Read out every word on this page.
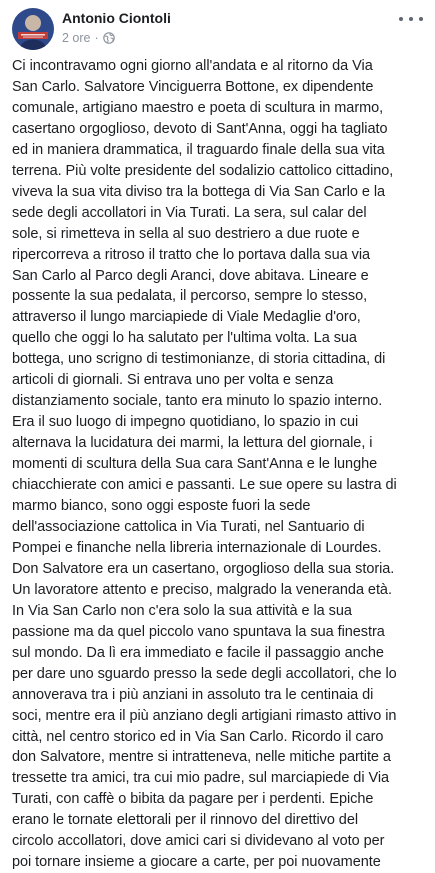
Antonio Ciontoli
2 ore ·
Ci incontravamo ogni giorno all'andata e al ritorno da Via
San Carlo. Salvatore Vinciguerra Bottone, ex dipendente
comunale, artigiano maestro e poeta di scultura in marmo,
casertano orgoglioso, devoto di Sant'Anna, oggi ha tagliato
ed in maniera drammatica, il traguardo finale della sua vita
terrena. Più volte presidente del sodalizio cattolico cittadino,
viveva la sua vita diviso tra la bottega di Via San Carlo e la
sede degli accollatori in Via Turati. La sera, sul calar del
sole, si rimetteva in sella al suo destriero a due ruote e
ripercorreva a ritroso il tratto che lo portava dalla sua via
San Carlo al Parco degli Aranci, dove abitava. Lineare e
possente la sua pedalata, il percorso, sempre lo stesso,
attraverso il lungo marciapiede di Viale Medaglie d'oro,
quello che oggi lo ha salutato per l'ultima volta. La sua
bottega, uno scrigno di testimonianze, di storia cittadina, di
articoli di giornali. Si entrava uno per volta e senza
distanziamento sociale, tanto era minuto lo spazio interno.
Era il suo luogo di impegno quotidiano, lo spazio in cui
alternava la lucidatura dei marmi, la lettura del giornale, i
momenti di scultura della Sua cara Sant'Anna e le lunghe
chiacchierate con amici e passanti. Le sue opere su lastra di
marmo bianco, sono oggi esposte fuori la sede
dell'associazione cattolica in Via Turati, nel Santuario di
Pompei e finanche nella libreria internazionale di Lourdes.
Don Salvatore era un casertano, orgoglioso della sua storia.
Un lavoratore attento e preciso, malgrado la veneranda età.
In Via San Carlo non c'era solo la sua attività e la sua
passione ma da quel piccolo vano spuntava la sua finestra
sul mondo. Da lì era immediato e facile il passaggio anche
per dare uno sguardo presso la sede degli accollatori, che lo
annoverava tra i più anziani in assoluto tra le centinaia di
soci, mentre era il più anziano degli artigiani rimasto attivo in
città, nel centro storico ed in Via San Carlo. Ricordo il caro
don Salvatore, mentre si intratteneva, nelle mitiche partite a
tressette tra amici, tra cui mio padre, sul marciapiede di Via
Turati, con caffè o bibita da pagare per i perdenti. Epiche
erano le tornate elettorali per il rinnovo del direttivo del
circolo accollatori, dove amici cari si dividevano al voto per
poi tornare insieme a giocare a carte, per poi nuovamente
